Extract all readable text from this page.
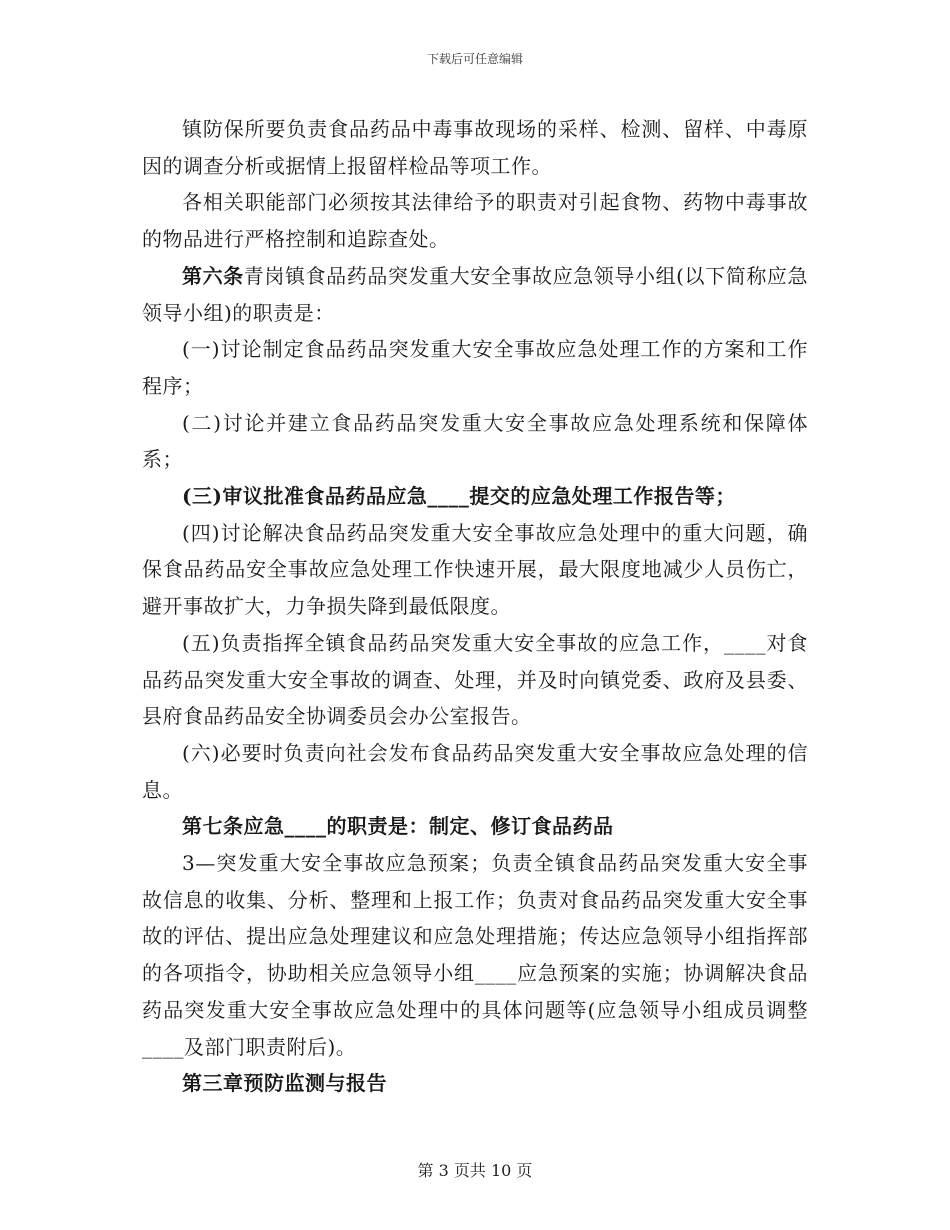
下载后可任意编辑

镇防保所要负责食品药品中毒事故现场的采样、检测、留样、中毒原因的调查分析或据情上报留样检品等项工作。

各相关职能部门必须按其法律给予的职责对引起食物、药物中毒事故的物品进行严格控制和追踪查处。

第六条青岗镇食品药品突发重大安全事故应急领导小组(以下简称应急领导小组)的职责是：

(一)讨论制定食品药品突发重大安全事故应急处理工作的方案和工作程序；

(二)讨论并建立食品药品突发重大安全事故应急处理系统和保障体系；

(三)审议批准食品药品应急____提交的应急处理工作报告等；

(四)讨论解决食品药品突发重大安全事故应急处理中的重大问题，确保食品药品安全事故应急处理工作快速开展，最大限度地减少人员伤亡，避开事故扩大，力争损失降到最低限度。

(五)负责指挥全镇食品药品突发重大安全事故的应急工作，____对食品药品突发重大安全事故的调查、处理，并及时向镇党委、政府及县委、县府食品药品安全协调委员会办公室报告。

(六)必要时负责向社会发布食品药品突发重大安全事故应急处理的信息。

第七条应急____的职责是：制定、修订食品药品

3—突发重大安全事故应急预案；负责全镇食品药品突发重大安全事故信息的收集、分析、整理和上报工作；负责对食品药品突发重大安全事故的评估、提出应急处理建议和应急处理措施；传达应急领导小组指挥部的各项指令，协助相关应急领导小组____应急预案的实施；协调解决食品药品突发重大安全事故应急处理中的具体问题等(应急领导小组成员调整____及部门职责附后)。

第三章预防监测与报告

第 3 页共 10 页
